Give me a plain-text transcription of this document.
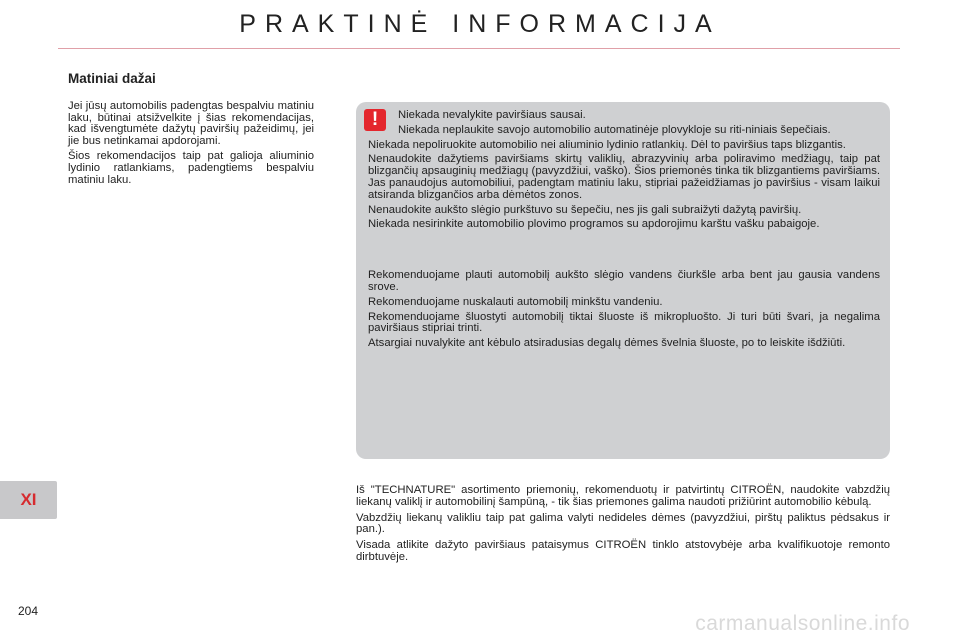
PRAKTINĖ INFORMACIJA
Matiniai dažai

Jei jūsų automobilis padengtas bespalviu matiniu laku, būtinai atsižvelkite į šias rekomendacijas, kad išvengtumėte dažytų paviršių pažeidimų, jei jie bus netinkamai apdorojami.

Šios rekomendacijos taip pat galioja aliuminio lydinio ratlankiams, padengtiems bespalviu matiniu laku.

!	Niekada nevalykite paviršiaus sausai.

Niekada neplaukite savojo automobilio automatinėje plovykloje su riti-niniais šepečiais.

Niekada nepoliruokite automobilio nei aliuminio lydinio ratlankių. Dėl to paviršius taps blizgantis.

Nenaudokite dažytiems paviršiams skirtų valiklių, abrazyvinių arba poliravimo medžiagų, taip pat blizgančių apsauginių medžiagų (pavyzdžiui, vaško). Šios priemonės tinka tik blizgantiems paviršiams. Jas panaudojus automobiliui, padengtam matiniu laku, stipriai pažeidžiamas jo paviršius - visam laikui atsiranda blizgančios arba dėmėtos zonos.

Nenaudokite aukšto slėgio purkštuvo su šepečiu, nes jis gali subraižyti dažytą paviršių.

Niekada nesirinkite automobilio plovimo programos su apdorojimu karštu vašku pabaigoje.

Rekomenduojame plauti automobilį aukšto slėgio vandens čiurkšle arba bent jau gausia vandens srove.

Rekomenduojame nuskalauti automobilį minkštu vandeniu.

Rekomenduojame šluostyti automobilį tiktai šluoste iš mikropluošto. Ji turi būti švari, ja negalima paviršiaus stipriai trinti.

Atsargiai nuvalykite ant kėbulo atsiradusias degalų dėmes švelnia šluoste, po to leiskite išdžiūti.

Iš "TECHNATURE" asortimento priemonių, rekomenduotų ir patvirtintų CITROËN, naudokite vabzdžių liekanų valiklį ir automobilinį šampūną, - tik šias priemones galima naudoti prižiūrint automobilio kėbulą.

Vabzdžių liekanų valikliu taip pat galima valyti nedideles dėmes (pavyzdžiui, pirštų paliktus pėdsakus ir pan.).

Visada atlikite dažyto paviršiaus pataisymus CITROËN tinklo atstovybėje arba kvalifikuotoje remonto dirbtuvėje.

XI
204
carmanualsonline.info
